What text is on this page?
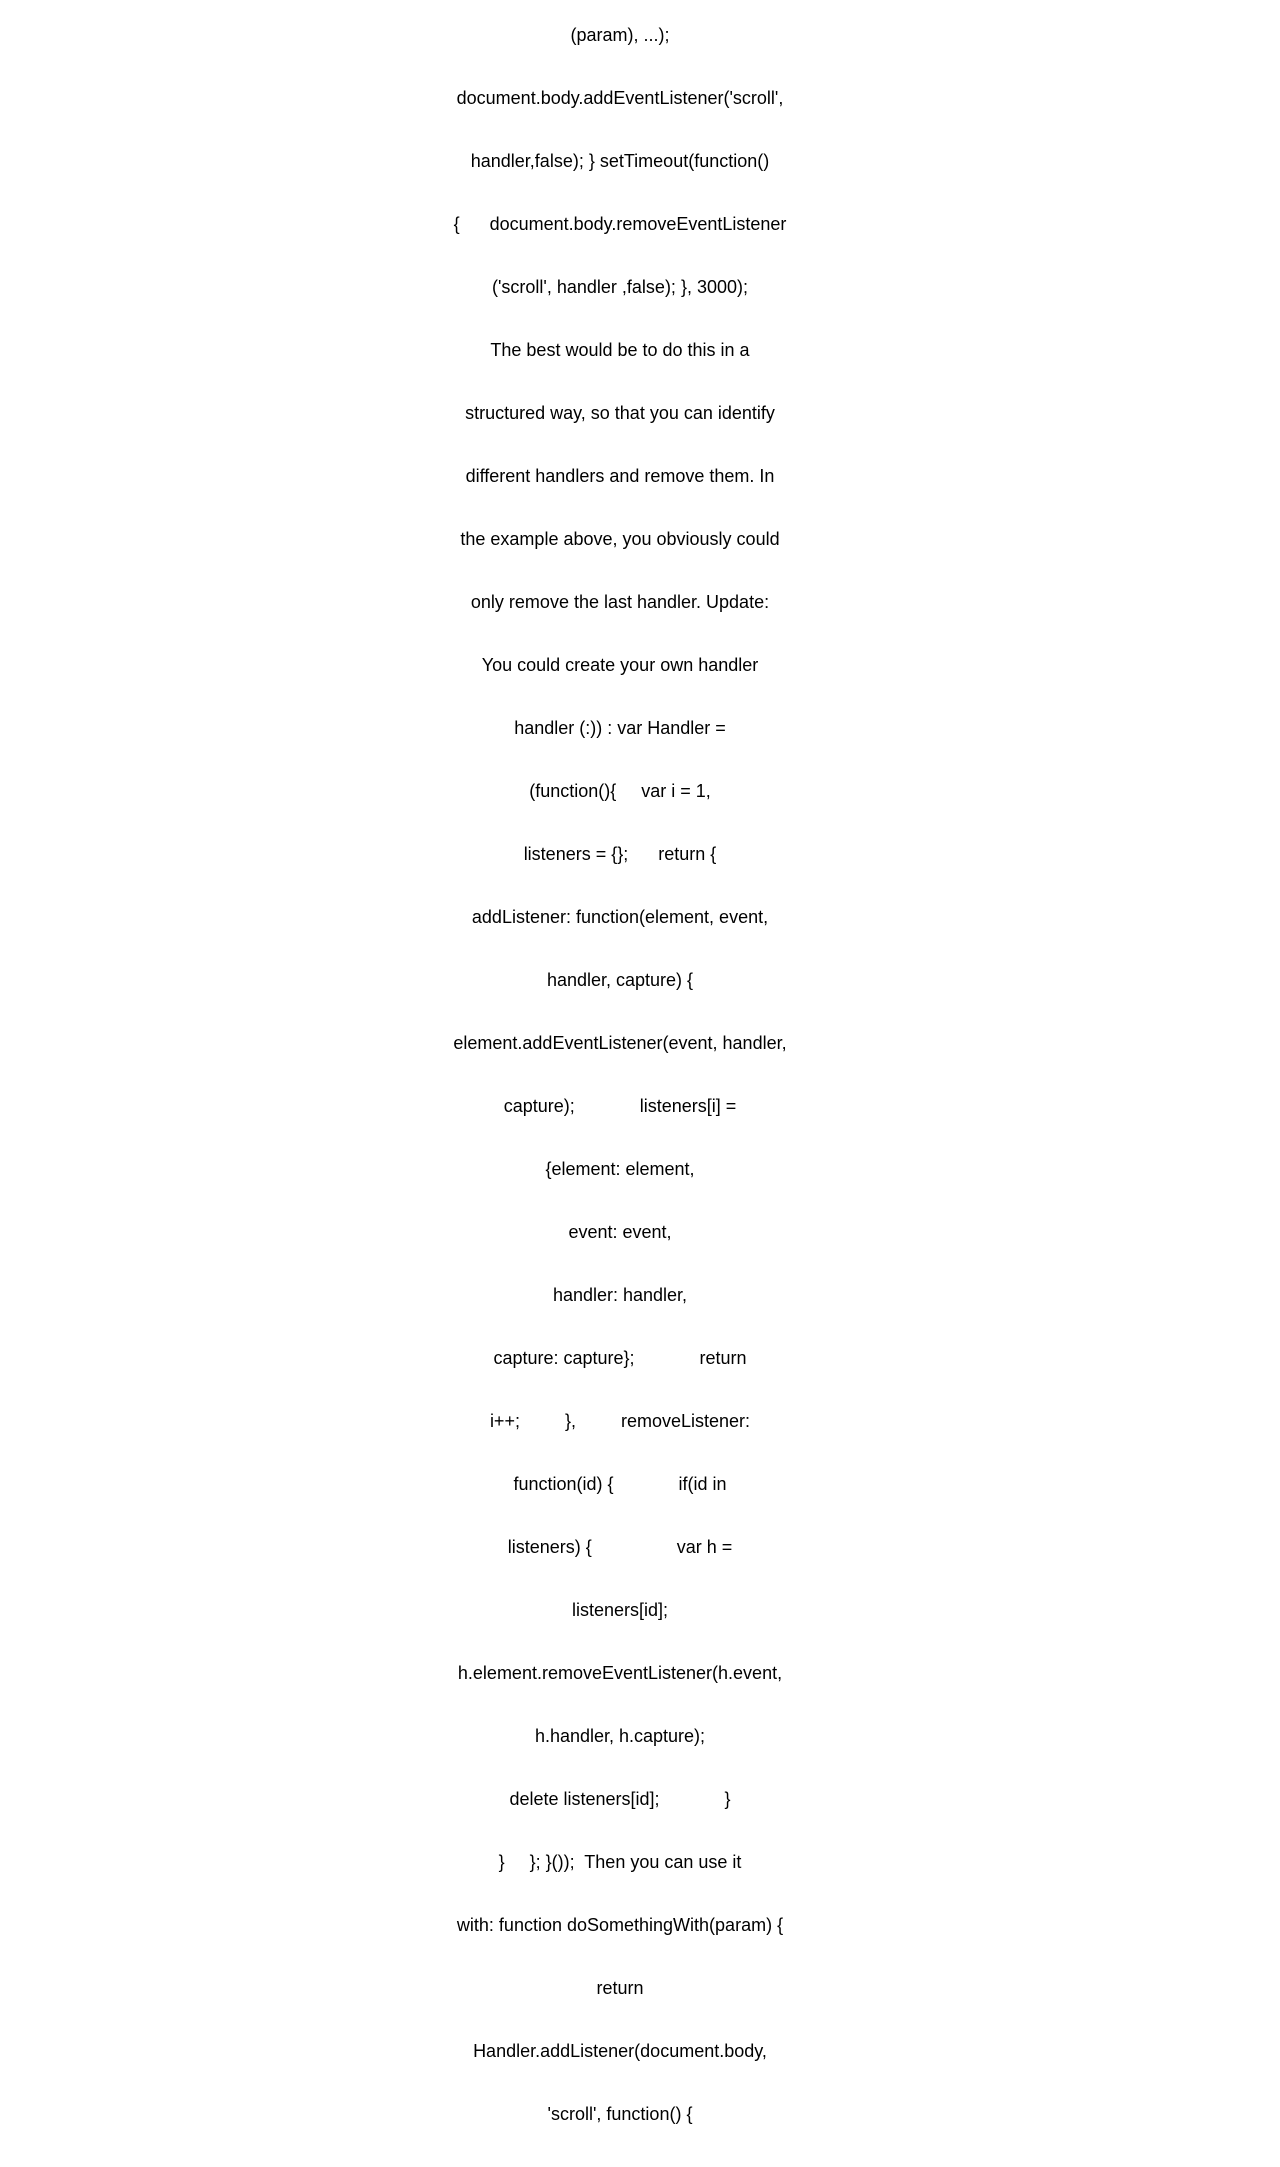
(param), ...);

document.body.addEventListener('scroll',

handler,false); } setTimeout(function()

{      document.body.removeEventListener

('scroll', handler ,false); }, 3000);

The best would be to do this in a

structured way, so that you can identify

different handlers and remove them. In

the example above, you obviously could

only remove the last handler. Update:

You could create your own handler

handler (:)) : var Handler =

(function(){     var i = 1,

listeners = {};      return {

addListener: function(element, event,

handler, capture) {

element.addEventListener(event, handler,

capture);             listeners[i] =

{element: element,

event: event,

handler: handler,

capture: capture};             return

i++;         },         removeListener:

function(id) {             if(id in

listeners) {                 var h =

listeners[id];

h.element.removeEventListener(h.event,

h.handler, h.capture);

delete listeners[id];             }

}     }; }());  Then you can use it

with: function doSomethingWith(param) {

return

Handler.addListener(document.body,

'scroll', function() {
